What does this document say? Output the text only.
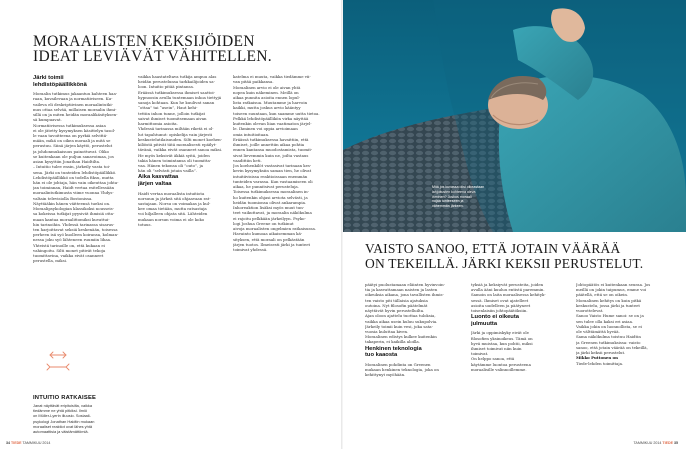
MORAALISTEN KEKSIJÖIDEN
IDEAT LEVIÄVÄT VÄHITELLEN.
Järki toimii
lehdistöpäällikkönä

Moraalin tutkimus jakaantuu kahteen haa-
raan, kuvailevaan ja normatiiviseen. Ku-
vaileva eli deskriptiivinen moraalintutki-
mus ottaa selvää, millaisen moraalin ihmi-
sillä on ja miten heidän moraalikäsityksen-
sä kumpuavat.

Normatiivisessa tutkimuksessa asiaa
ei ole jätetty kysymyksen käsittelyn tasol-
le vaan tavoitteena on pyrkiä selvittä-
mään, mikä on oikea moraali ja mitä se
perustuu. Siinä järjen käyttö, perustelut
ja johdonmukaisuus painottuvat. Oliko
se kuitenkaan ole puljun sanavoimaa, jos
asian kysyttiin Jonathan Haidtilta.

– Intuitio tulee ensin, järkeily vasta toi-
sena. Järki on tunteiden lehdistöpäällikkö.
Lehdistöpäällikkö on todella fiksu, mutta
hän ei ole johtaja, hän vain oikeuttaa johta-
jan toiminnan, Haidt vertaa esitellessään
moraalintutkimusta viime vuonna Yhdys-
valtain televisiolla Bostonissa.

Näyttääkin hänen väitteensä tueksi on.
Moraalipsykologian klassikoksi nousseis-
sa kokeissa tutkijat pyysivät ihmisiä otta-
maan kantaa moraalittomiksi kuvattui-
hin tarinoihin. Yhdessä tarinassa sisarus-
ten harjoittavat seksiä keskenään, toisessa
perheen isä syö kuolleen koiransa, kolman-
nessa joku syö lähteneen ruumiin lihaa.

Yhteistä tarinoille on, että kukaan ei
vahingoitu. Silti monet pitivät tekoja
tuomittavina, vaikka eivät osanneet
perustella, miksi.

vaikka haastateltava tutkija ampuu alas
heidän perustelunsa tarkkailijoiden sa-
loon. Intuitio pitää pintansa.

Eräässä tutkimuksessa ihmiset saattoi-
hypnoosin avulla tuntemaan inhoa tiettyjä
sanoja kohtaan. Kun he kuulivat sanan
“ottaa” tai “usein”, Haut kehi-
tettiin inhon tunne, jolloin tutkijat
saivat ihmiset tuomitsemaan aivan
harmittomia asioita.

Yhdessä tarinassa miltään riketä ei ol-
lut tapahtunut: opiskelija vain järjesti
keskustelutilaisuuden. Silti monet koehen-
kilöistä pitivät tätä moraalisesti epäilyt-
tävänä, vaikka eivät osanneet sanoa miksi.

He myös keksivät äkkiä syitä, joiden
takia hänen toimintansa oli tuomitta-
vaa. Hänen tekonsa oli ”outo”, ja
hän oli ”selvästi jotain vailla”.

Aika kasvattaa
järjen valtaa

Haidt vertaa moraalista intuitiota
norsuun ja järkeä sitä ohjaavaan rat-
sastajaan. Norsu on voimakas ja kul-
kee omaa tietään, mutta ratsastaja
voi hiljalleen ohjata sitä. Lähteiden
mukaan norsun voima ei ole koko
totuus.

katelma ei muuta, vaikka tiedämme vii-
van pitää paikkansa.

Moraalinen arvio ei ole aivan yhtä
nopea kuin näkeminen. Meillä on
aikaa punnita asioita ennen lopul-
lista ratkaisua. Muutamme ja harvoin
kaikki, mutta joskus arvio kääntyy
toiseen suuntaan, kun saamme uutta tietoa.

Pelkkä lehdistöpäällikön virka näyttää
kuitenkin olevan liian vaatimaton järjel-
le. Ihminen voi oppia arvioimaan
omia intuitioitaan.

Eräässä tutkimuksessa havaittiin, että
ihmiset, joille annettiin aikaa pohtia
ennen kantansa muodostamista, tuomit-
sivat lievemmin kuin ne, joilta vastaus
vaadittiin heti.

Jos koehenkilöt vastasivat tarinaan kes-
kevin kysymyksiin saman tien, he olivat
intuitiivisissa reaktioissaan enemmän
tunteiden varassa. Kun vastaamiseen oli
aikaa, he punnitsivat perusteluja.

Toisessa tutkimuksessa moraalinen in-
ho kuitenkin ohjasi arviota selvästi, ja
heidän tuomionsa olivat ankarampia.

Inhoreaktion lisäksi myös muut tun-
teet vaikuttavat, ja moraalin näkökulma
ei rajoitu pelkkään järkeilyyn. Psyko-
logi Joshua Greene on tutkinut
aivoja moraalisten ongelmien ratkaisussa.

Havainto kumoaa aikaisemman kä-
sityksen, että moraali on pelkästään
järjen tuotos. Ilmeisesti järki ja tunteet
toimivat yhdessä.

INTUITIO RATKAISEE

Janat näyttävät eripituisilta, vaikka
tiedämme ne yhtä pitkiksi. Ilmiö
on Müller-Lyerin illuusio. Sosiaali-
psykologi Jonathan Haidtin mukaan
moraaliset reaktiot ovat lähes yhtä
automaattisia ja väistämättömiä.

34 TIEDE TAMMIKUU 2014
Mitä jos kuvassa olisi oikeastaan
lahjoitusten kohteena oleva
ihminen? Joskus moraali
nojaa tunteeseen ja
vähemmän järkeen.
VAISTO SANOO, ETTÄ JOTAIN VÄÄRÄÄ
ON TEKEILLÄ. JÄRKI KEKSII PERUSTELUT.

päätyi puolustamaan eläinten hyvinvoin-
tia ja kasvattamaan naisten ja lasten
oikeuksia aikana, jona tavallisten ihmis-
ten vaisto piti tällaisia ajatuksia
outoina. Nyt filosofin päätelmät
näyttävät hyvin perustelluilta.

Ajan oloon ajattelu tuottaa tuloksia,
vaikka aikaa usein kuluu sukupolvia.
Järkeily toimii kuin vesi, joka sata-
vuosia kuluttaa kiven.
Moraalinen edistys kulkee kuitenkin
takaperin, ei kaikilla aloilla.

Henkinen teknologia
tuo kaaosta

Moraalinen pohdinta on Greenen
mukaan henkinen teknologia, joka on
kehittynyt myöhään.

tyksiä ja keksiyvät perusteita, joiden
avulla ääni kuuluu entistä paremmin.
Samoin on laita moraalisessa kehityk-
sessä. Ihmiset ovat ajatelleet
asioita uudelleen ja päätyneet
toisenlaisiin johtopäätöksiin.

Luonto ei oikeuta
julmuutta

Järki ja oppimiskyky eivät ole
filosofien yksinoikeus. Tämä on
hyvä muistaa, kun pohtii, miksi
ihmiset toimivat niin kuin
toimivat.
On helppo sanoa, että
käytämme luontoa perusteena
moraalisille valinnoillemme.

Johtopäätös ei kuitenkaan seuraa. Jos
meillä on jokin taipumus, emme voi
päätellä, että se on oikein.
Moraalinen kehitys on kuin pitkä
keskustelu, jossa järki ja tunteet
vuorottelevat.

Sanoo Vaisto Hume sanoi: se on ja
sen tulee olla kaksi eri asiaa.
Vaikka jokin on luonnollista, se ei
ole välttämättä hyvää.

Sama näkökulma toistuu Haidtin
ja Greenen tutkimuksissa: vaisto
sanoo, että jotain väärää on tekeillä,
ja järki keksii perustelut.

Mikko Puttonen on
Tiede-lehden toimittaja.

TAMMIKUU 2014 TIEDE 35
